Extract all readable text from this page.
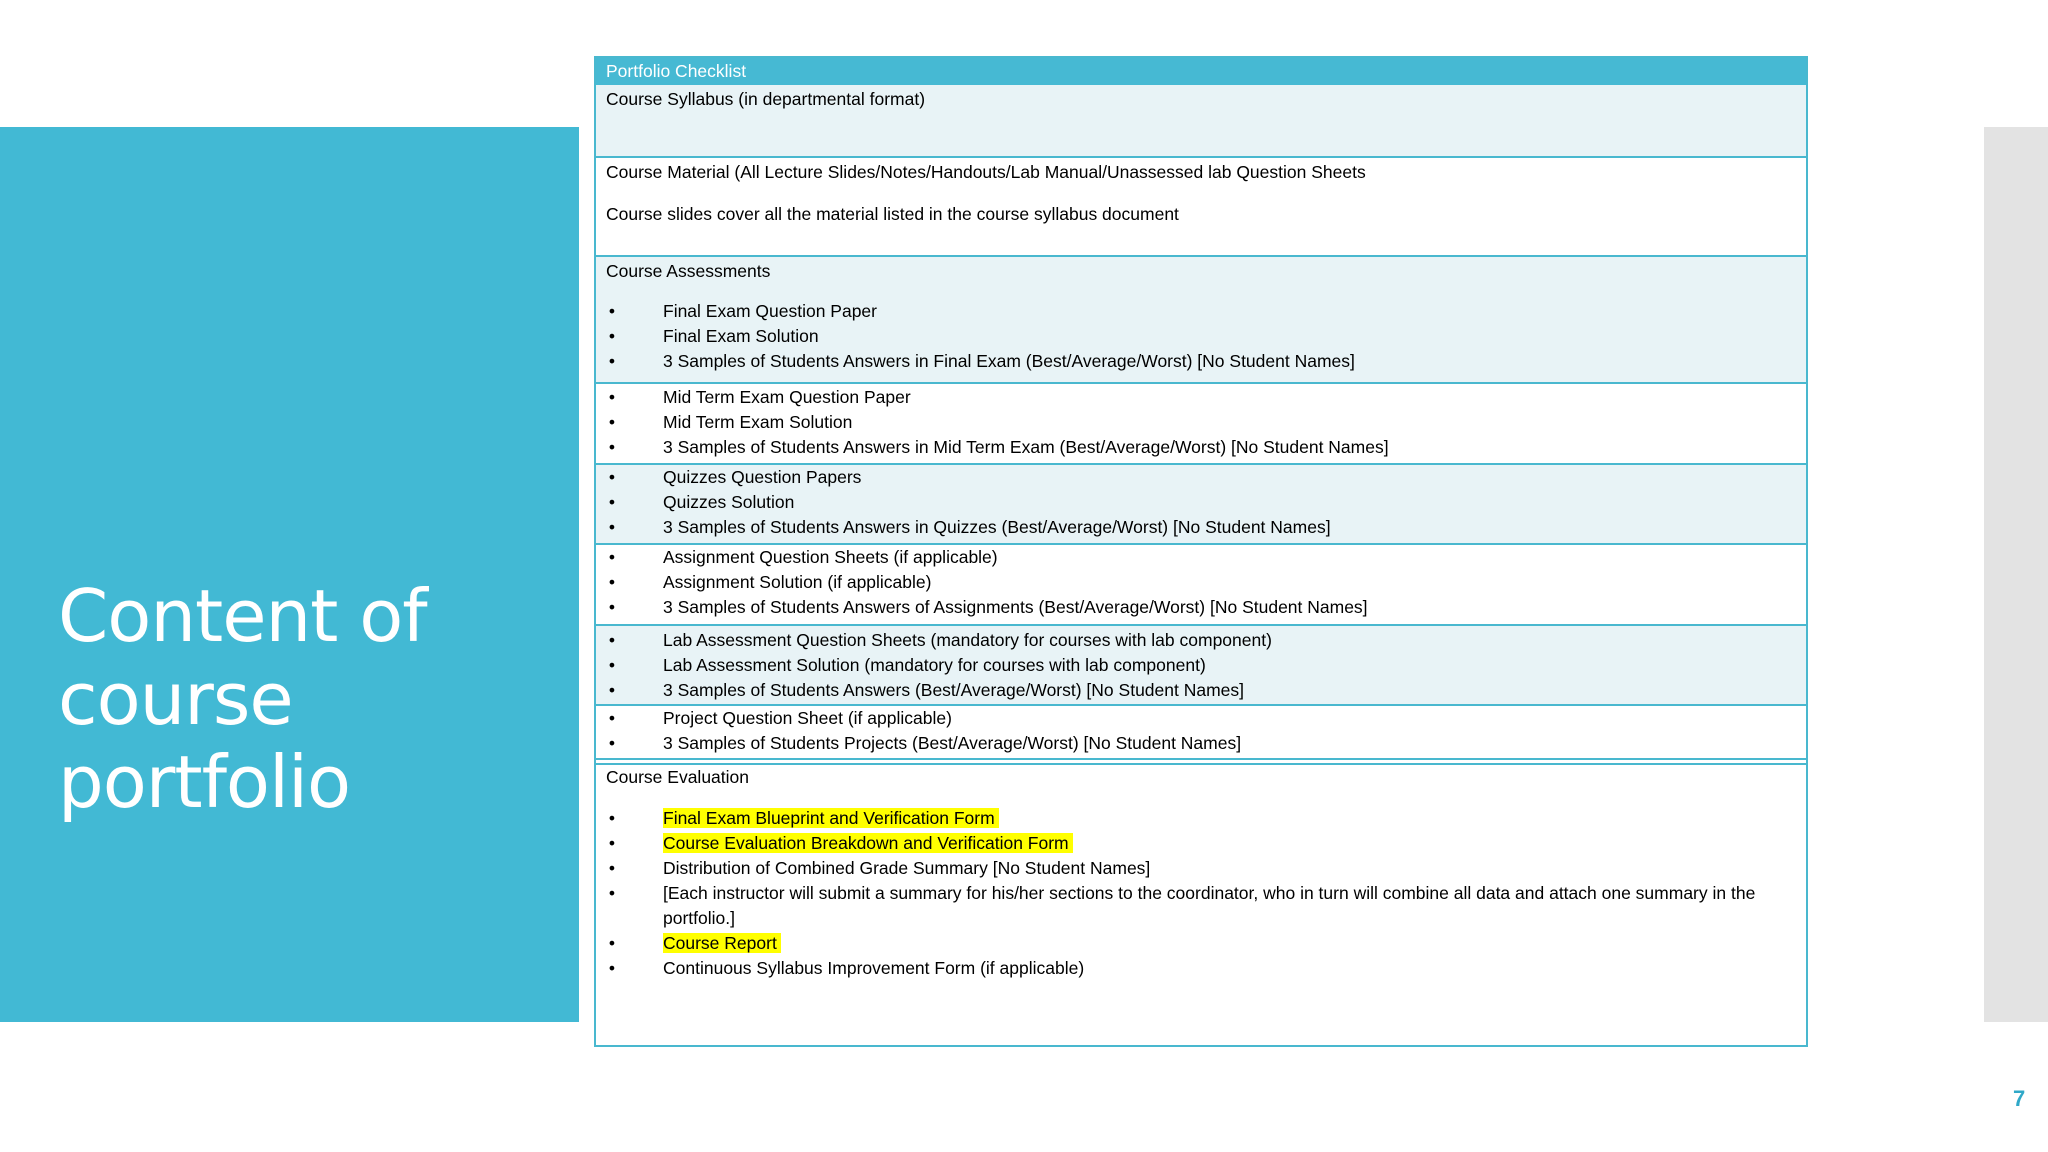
Content of course portfolio
7
Portfolio Checklist
Course Syllabus (in departmental format)
Course Material (All Lecture Slides/Notes/Handouts/Lab Manual/Unassessed lab Question Sheets
Course slides cover all the material listed in the course syllabus document
Course Assessments
•	Final Exam Question Paper
•	Final Exam Solution
•	3 Samples of Students Answers in Final Exam (Best/Average/Worst) [No Student Names]
•	Mid Term Exam Question Paper
•	Mid Term Exam Solution
•	3 Samples of Students Answers in Mid Term Exam (Best/Average/Worst) [No Student Names]
•	Quizzes Question Papers
•	Quizzes Solution
•	3 Samples of Students Answers in Quizzes (Best/Average/Worst) [No Student Names]
•	Assignment Question Sheets (if applicable)
•	Assignment Solution (if applicable)
•	3 Samples of Students Answers of Assignments (Best/Average/Worst) [No Student Names]
•	Lab Assessment Question Sheets (mandatory for courses with lab component)
•	Lab Assessment Solution (mandatory for courses with lab component)
•	3 Samples of Students Answers (Best/Average/Worst) [No Student Names]
•	Project Question Sheet (if applicable)
•	3 Samples of Students Projects (Best/Average/Worst) [No Student Names]
Course Evaluation
•	Final Exam Blueprint and Verification Form
•	Course Evaluation Breakdown and Verification Form
•	Distribution of Combined Grade Summary [No Student Names]
•	[Each instructor will submit a summary for his/her sections to the coordinator, who in turn will combine all data and attach one summary in the portfolio.]
•	Course Report
•	Continuous Syllabus Improvement Form (if applicable)
